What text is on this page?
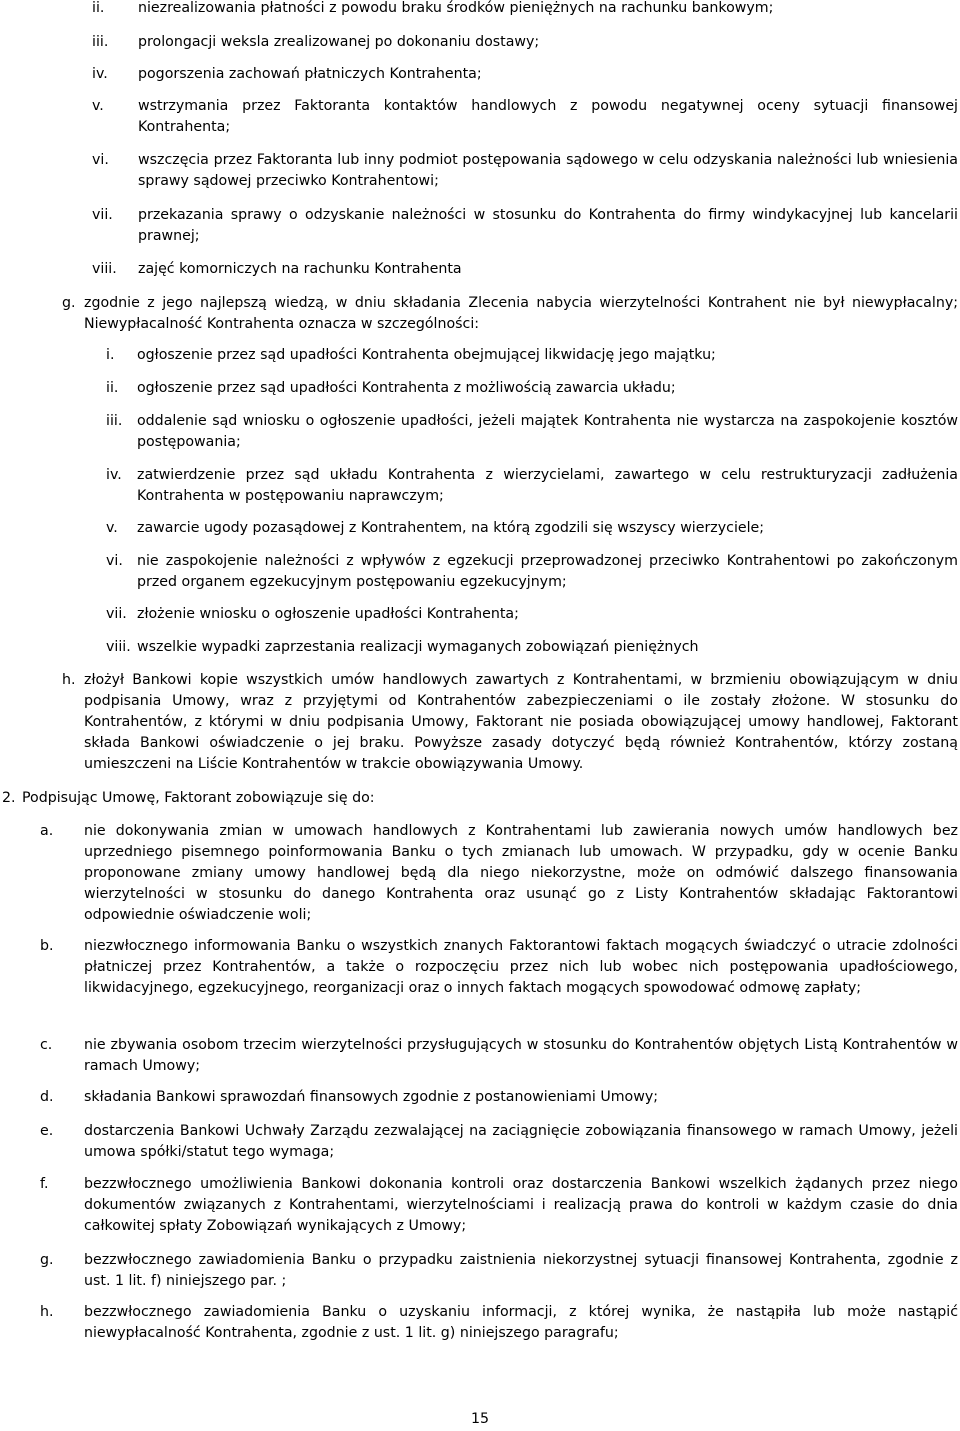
ii.	niezrealizowania płatności z powodu braku środków pieniężnych na rachunku bankowym;
iii.	prolongacji weksla zrealizowanej po dokonaniu dostawy;
iv.	pogorszenia zachowań płatniczych Kontrahenta;
v.	wstrzymania przez Faktoranta kontaktów handlowych z powodu negatywnej oceny sytuacji finansowej Kontrahenta;
vi.	wszczęcia przez Faktoranta lub inny podmiot postępowania sądowego w celu odzyskania należności lub wniesienia sprawy sądowej przeciwko Kontrahentowi;
vii.	przekazania sprawy o odzyskanie należności w stosunku do Kontrahenta do firmy windykacyjnej lub kancelarii prawnej;
viii.	zajęć komorniczych na rachunku Kontrahenta
g. zgodnie z jego najlepszą wiedzą, w dniu składania Zlecenia nabycia wierzytelności Kontrahent nie był niewypłacalny; Niewypłacalność Kontrahenta oznacza w szczególności:
i.	ogłoszenie przez sąd upadłości Kontrahenta obejmującej likwidację jego majątku;
ii.	ogłoszenie przez sąd upadłości Kontrahenta z możliwością zawarcia układu;
iii.	oddalenie sąd wniosku o ogłoszenie upadłości, jeżeli majątek Kontrahenta nie wystarcza na zaspokojenie kosztów postępowania;
iv.	zatwierdzenie przez sąd układu Kontrahenta z wierzycielami, zawartego w celu restrukturyzacji zadłużenia Kontrahenta w postępowaniu naprawczym;
v.	zawarcie ugody pozasądowej z Kontrahentem, na którą zgodzili się wszyscy wierzyciele;
vi. nie zaspokojenie należności z wpływów z egzekucji przeprowadzonej przeciwko Kontrahentowi po zakończonym przed organem egzekucyjnym postępowaniu egzekucyjnym;
vii. złożenie wniosku o ogłoszenie upadłości Kontrahenta;
viii. wszelkie wypadki zaprzestania realizacji wymaganych zobowiązań pieniężnych
h. złożył Bankowi kopie wszystkich umów handlowych zawartych z Kontrahentami, w brzmieniu obowiązującym w dniu podpisania Umowy, wraz z przyjętymi od Kontrahentów zabezpieczeniami o ile zostały złożone. W stosunku do Kontrahentów, z którymi w dniu podpisania Umowy, Faktorant nie posiada obowiązującej umowy handlowej, Faktorant składa Bankowi oświadczenie o jej braku. Powyższe zasady dotyczyć będą również Kontrahentów, którzy zostaną umieszczeni na Liście Kontrahentów w trakcie obowiązywania Umowy.
2. Podpisując Umowę, Faktorant zobowiązuje się do:
a.	nie dokonywania zmian w umowach handlowych z Kontrahentami lub zawierania nowych umów handlowych bez uprzedniego pisemnego poinformowania Banku o tych zmianach lub umowach. W przypadku, gdy w ocenie Banku proponowane zmiany umowy handlowej będą dla niego niekorzystne, może on odmówić dalszego finansowania wierzytelności w stosunku do danego Kontrahenta oraz usunąć go z Listy Kontrahentów składając Faktorantowi odpowiednie oświadczenie woli;
b.	niezwłocznego informowania Banku o wszystkich znanych Faktorantowi faktach mogących świadczyć o utracie zdolności płatniczej przez Kontrahentów, a także o rozpoczęciu przez nich lub wobec nich postępowania upadłościowego, likwidacyjnego, egzekucyjnego, reorganizacji oraz o innych faktach mogących spowodować odmowę zapłaty;
c.	nie zbywania osobom trzecim wierzytelności przysługujących w stosunku do Kontrahentów objętych Listą Kontrahentów w ramach Umowy;
d.	składania Bankowi sprawozdań finansowych zgodnie z postanowieniami Umowy;
e.	dostarczenia Bankowi Uchwały Zarządu zezwalającej na zaciągnięcie zobowiązania finansowego w ramach Umowy, jeżeli umowa spółki/statut tego wymaga;
f.	bezzwłocznego umożliwienia Bankowi dokonania kontroli oraz dostarczenia Bankowi wszelkich żądanych przez niego dokumentów związanych z Kontrahentami, wierzytelnościami i realizacją prawa do kontroli w każdym czasie do dnia całkowitej spłaty Zobowiązań wynikających z Umowy;
g.	bezzwłocznego zawiadomienia Banku o przypadku zaistnienia niekorzystnej sytuacji finansowej Kontrahenta, zgodnie z ust. 1 lit. f) niniejszego par. ;
h.	bezzwłocznego zawiadomienia Banku o uzyskaniu informacji, z której wynika, że nastąpiła lub może nastąpić niewypłacalność Kontrahenta, zgodnie z ust. 1 lit. g) niniejszego paragrafu;
15
